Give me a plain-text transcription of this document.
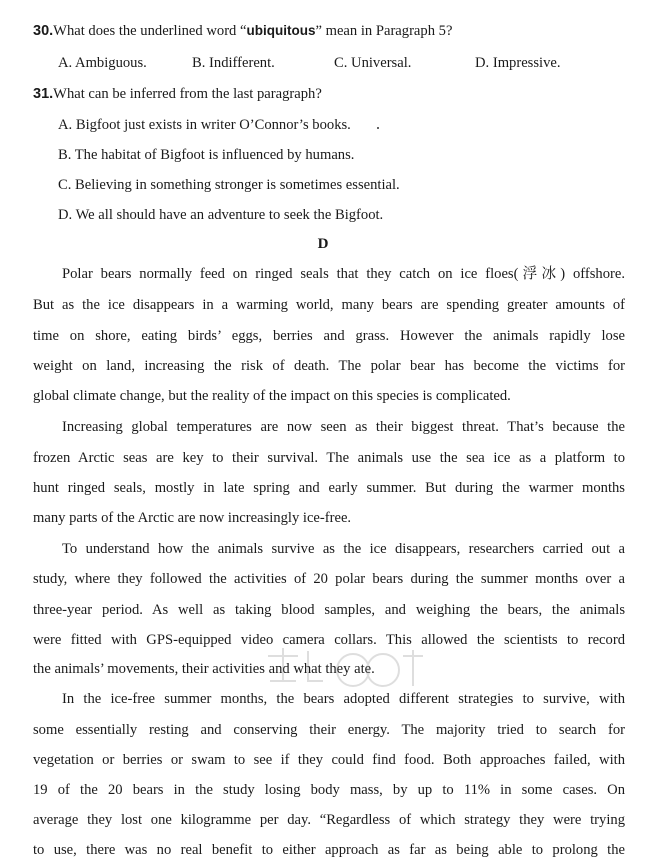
30.What does the underlined word “ubiquitous” mean in Paragraph 5?
A. Ambiguous.	B. Indifferent.	C. Universal.	D. Impressive.
31.What can be inferred from the last paragraph?
A. Bigfoot just exists in writer O’Connor’s books.
B. The habitat of Bigfoot is influenced by humans.
C. Believing in something stronger is sometimes essential.
D. We all should have an adventure to seek the Bigfoot.
D
Polar bears normally feed on ringed seals that they catch on ice floes(浮冰) offshore.
But as the ice disappears in a warming world, many bears are spending greater amounts of
time on shore, eating birds’ eggs, berries and grass. However the animals rapidly lose
weight on land, increasing the risk of death. The polar bear has become the victims for
global climate change, but the reality of the impact on this species is complicated.
Increasing global temperatures are now seen as their biggest threat. That’s because the
frozen Arctic seas are key to their survival. The animals use the sea ice as a platform to
hunt ringed seals, mostly in late spring and early summer. But during the warmer months
many parts of the Arctic are now increasingly ice-free.
To understand how the animals survive as the ice disappears, researchers carried out a
study, where they followed the activities of 20 polar bears during the summer months over a
three-year period. As well as taking blood samples, and weighing the bears, the animals
were fitted with GPS-equipped video camera collars. This allowed the scientists to record
the animals’ movements, their activities and what they ate.
In the ice-free summer months, the bears adopted different strategies to survive, with
some essentially resting and conserving their energy. The majority tried to search for
vegetation or berries or swam to see if they could find food. Both approaches failed, with
19 of the 20 bears in the study losing body mass, by up to 11% in some cases. On
average they lost one kilogramme per day. “Regardless of which strategy they were trying
to use, there was no real benefit to either approach as far as being able to prolong the
